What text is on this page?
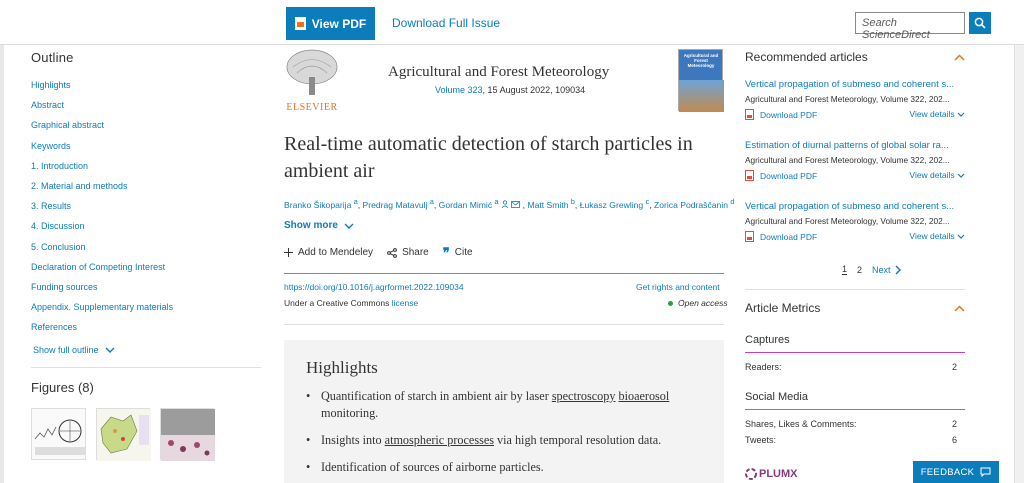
View PDF Download Full Issue	Search ScienceDirect
Outline
Highlights
Abstract
Graphical abstract
Keywords
1. Introduction
2. Material and methods
3. Results
4. Discussion
5. Conclusion
Declaration of Competing Interest
Funding sources
Appendix. Supplementary materials
References
Show full outline
Figures (8)
ELSEVIER
Agricultural and Forest Meteorology
Volume 323, 15 August 2022, 109034
Agricultural and Forest Meteorology
Real-time automatic detection of starch particles in ambient air
Branko Šikoparija $^a$, Predrag Matavulj $^a$, Gordan Mimić $^a$	, Matt Smith $^b$, Łukasz Grewling $^c$, Zorica Podraščanin $^d$
Show more
Add to Mendeley	Share ❞ Cite
https://doi.org/10.1016/j.agrformet.2022.109034	Get rights and content
Under a Creative Commons license	Open access
Highlights
• Quantification of starch in ambient air by laser spectroscopy bioaerosol monitoring.
• Insights into atmospheric processes via high temporal resolution data.
• Identification of sources of airborne particles.
Recommended articles
Vertical propagation of submeso and coherent s...
Agricultural and Forest Meteorology, Volume 322, 202...
Download PDF	View details
Estimation of diurnal patterns of global solar ra...
Agricultural and Forest Meteorology, Volume 322, 202...
Download PDF	View details
Vertical propagation of submeso and coherent s...
Agricultural and Forest Meteorology, Volume 322, 202...
Download PDF	View details
1 2 Next
Article Metrics
Captures
Readers:	2
Social Media
Shares, Likes & Comments:	2
Tweets:	6
PLUMX	FEEDBACK
